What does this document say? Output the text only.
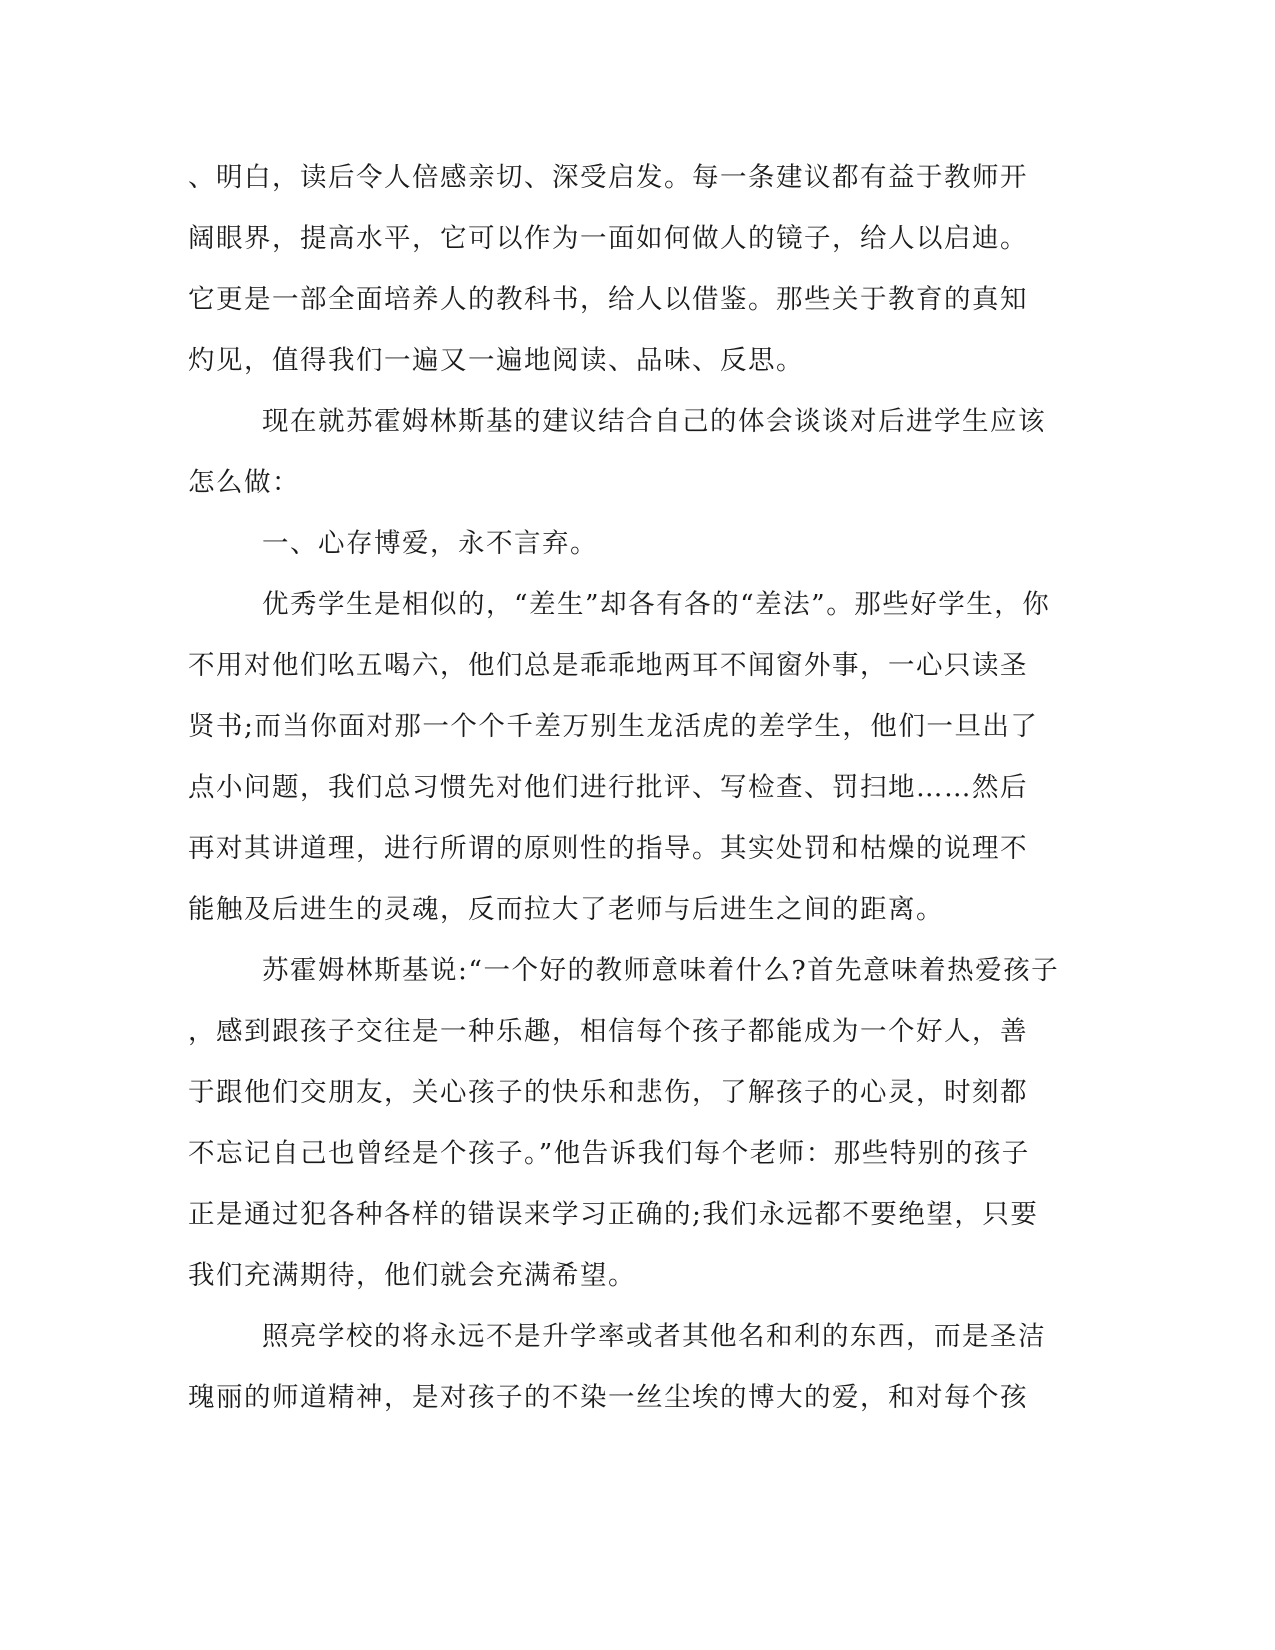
、明白，读后令人倍感亲切、深受启发。每一条建议都有益于教师开
阔眼界，提高水平，它可以作为一面如何做人的镜子，给人以启迪。
它更是一部全面培养人的教科书，给人以借鉴。那些关于教育的真知
灼见，值得我们一遍又一遍地阅读、品味、反思。
现在就苏霍姆林斯基的建议结合自己的体会谈谈对后进学生应该
怎么做：
一、心存博爱，永不言弃。
优秀学生是相似的，“差生”却各有各的“差法”。那些好学生，你
不用对他们吆五喝六，他们总是乖乖地两耳不闻窗外事，一心只读圣
贤书;而当你面对那一个个千差万别生龙活虎的差学生，他们一旦出了
点小问题，我们总习惯先对他们进行批评、写检查、罚扫地……然后
再对其讲道理，进行所谓的原则性的指导。其实处罚和枯燥的说理不
能触及后进生的灵魂，反而拉大了老师与后进生之间的距离。
苏霍姆林斯基说:“一个好的教师意味着什么?首先意味着热爱孩子
，感到跟孩子交往是一种乐趣，相信每个孩子都能成为一个好人，善
于跟他们交朋友，关心孩子的快乐和悲伤，了解孩子的心灵，时刻都
不忘记自己也曾经是个孩子。”他告诉我们每个老师：那些特别的孩子
正是通过犯各种各样的错误来学习正确的;我们永远都不要绝望，只要
我们充满期待，他们就会充满希望。
照亮学校的将永远不是升学率或者其他名和利的东西，而是圣洁
瑰丽的师道精神，是对孩子的不染一丝尘埃的博大的爱，和对每个孩
